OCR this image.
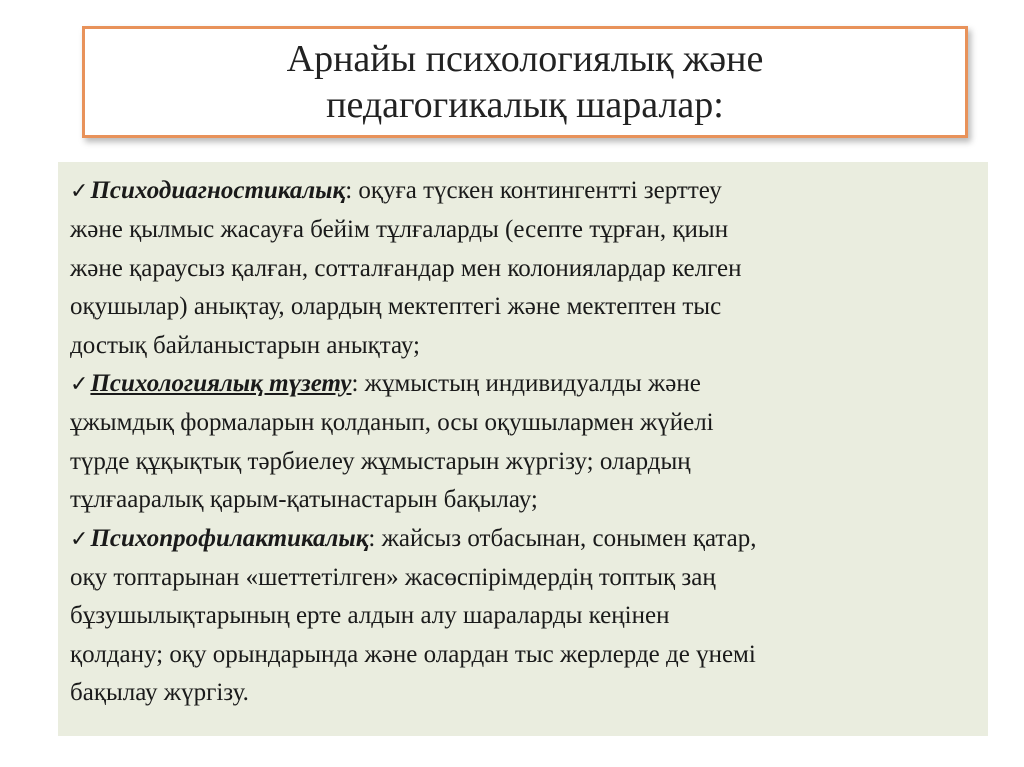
Арнайы психологиялық және
педагогикалық шаралар:

✓Психодиагностикалық: оқуға түскен контингентті зерттеу

және қылмыс жасауға бейім тұлғаларды (есепте тұрған, қиын

және қараусыз қалған, сотталғандар мен колониялардар келген

оқушылар) анықтау, олардың мектептегі және мектептен тыс

достық байланыстарын анықтау;

✓Психологиялық түзету: жұмыстың индивидуалды және

ұжымдық формаларын қолданып, осы оқушылармен жүйелі

түрде құқықтық тәрбиелеу жұмыстарын жүргізу; олардың

тұлғааралық қарым-қатынастарын бақылау;

✓Психопрофилактикалық: жайсыз отбасынан, сонымен қатар,

оқу топтарынан «шеттетілген» жасөспірімдердің топтық заң

бұзушылықтарының ерте алдын алу шараларды кеңінен

қолдану; оқу орындарында және олардан тыс жерлерде де үнемі

бақылау жүргізу.
